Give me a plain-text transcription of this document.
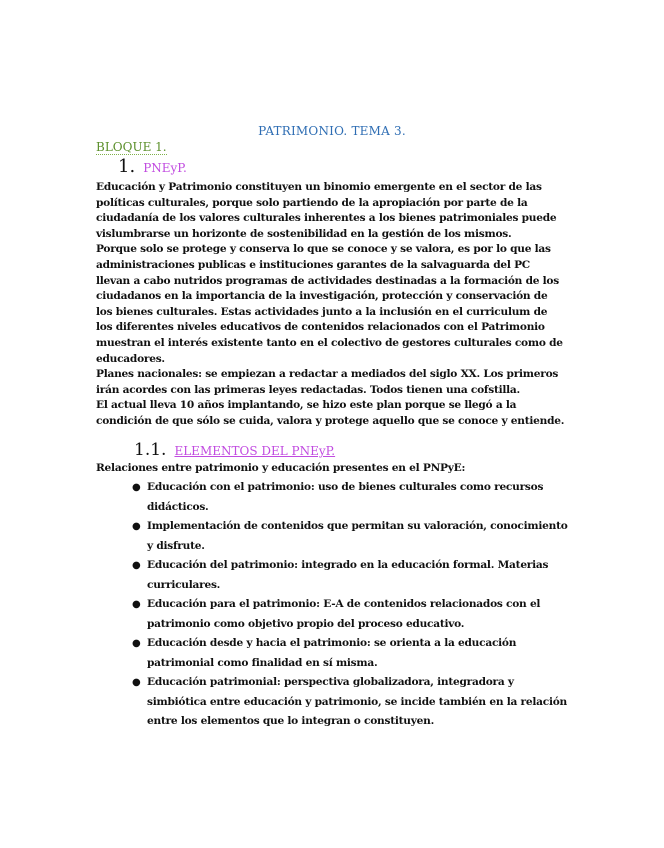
PATRIMONIO. TEMA 3.
BLOQUE 1.
1. PNEyP.
Educación y Patrimonio constituyen un binomio emergente en el sector de las políticas culturales, porque solo partiendo de la apropiación por parte de la ciudadanía de los valores culturales inherentes a los bienes patrimoniales puede vislumbrarse un horizonte de sostenibilidad en la gestión de los mismos.
Porque solo se protege y conserva lo que se conoce y se valora, es por lo que las administraciones publicas e instituciones garantes de la salvaguarda del PC llevan a cabo nutridos programas de actividades destinadas a la formación de los ciudadanos en la importancia de la investigación, protección y conservación de los bienes culturales. Estas actividades junto a la inclusión en el curriculum de los diferentes niveles educativos de contenidos relacionados con el Patrimonio muestran el interés existente tanto en el colectivo de gestores culturales como de educadores.
Planes nacionales: se empiezan a redactar a mediados del siglo XX. Los primeros irán acordes con las primeras leyes redactadas. Todos tienen una cofstilla.
El actual lleva 10 años implantando, se hizo este plan porque se llegó a la condición de que sólo se cuida, valora y protege aquello que se conoce y entiende.
1.1. ELEMENTOS DEL PNEyP.
Relaciones entre patrimonio y educación presentes en el PNPyE:
● Educación con el patrimonio: uso de bienes culturales como recursos didácticos.
● Implementación de contenidos que permitan su valoración, conocimiento y disfrute.
● Educación del patrimonio: integrado en la educación formal. Materias curriculares.
● Educación para el patrimonio: E-A de contenidos relacionados con el patrimonio como objetivo propio del proceso educativo.
● Educación desde y hacia el patrimonio: se orienta a la educación patrimonial como finalidad en sí misma.
● Educación patrimonial: perspectiva globalizadora, integradora y simbiótica entre educación y patrimonio, se incide también en la relación entre los elementos que lo integran o constituyen.
